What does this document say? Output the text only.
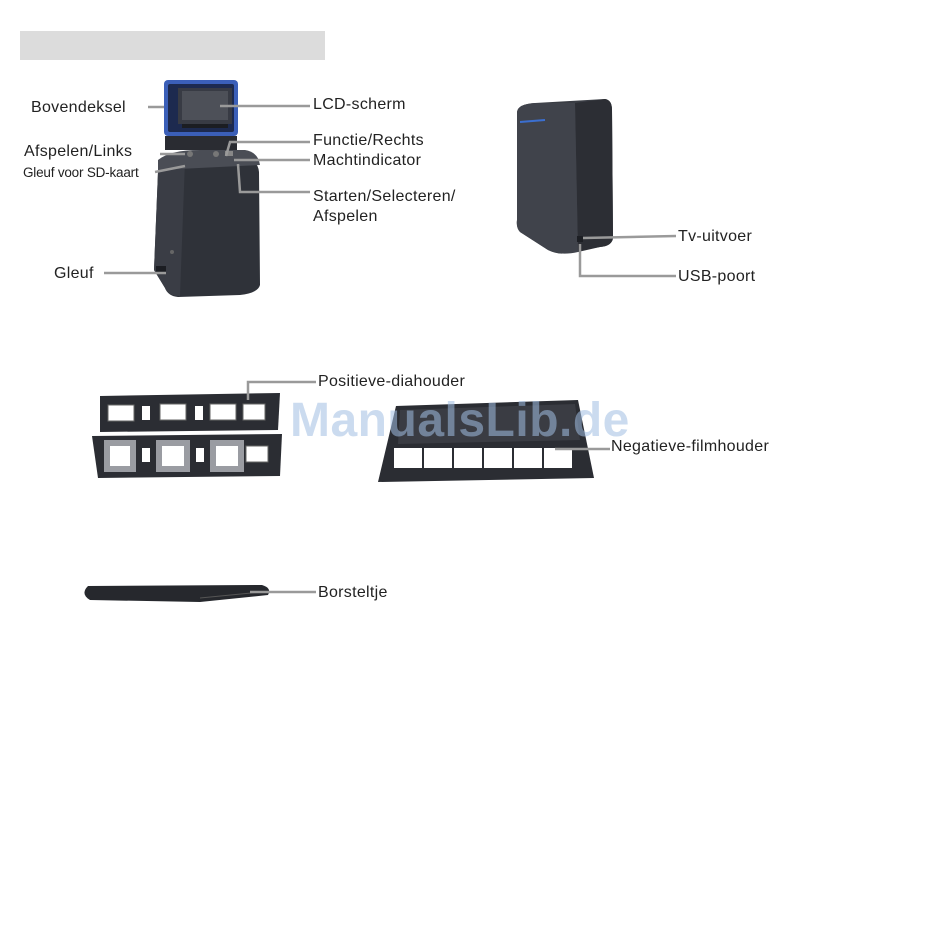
Bovendeksel	LCD-scherm
Afspelen/Links
Functie/Rechts
Gleuf voor SD-kaart
Machtindicator
Starten/Selecteren/
Afspelen
Gleuf
Tv-uitvoer
USB-poort
Positieve-diahouder
Negatieve-filmhouder
Borsteltje
ManualsLib.de
